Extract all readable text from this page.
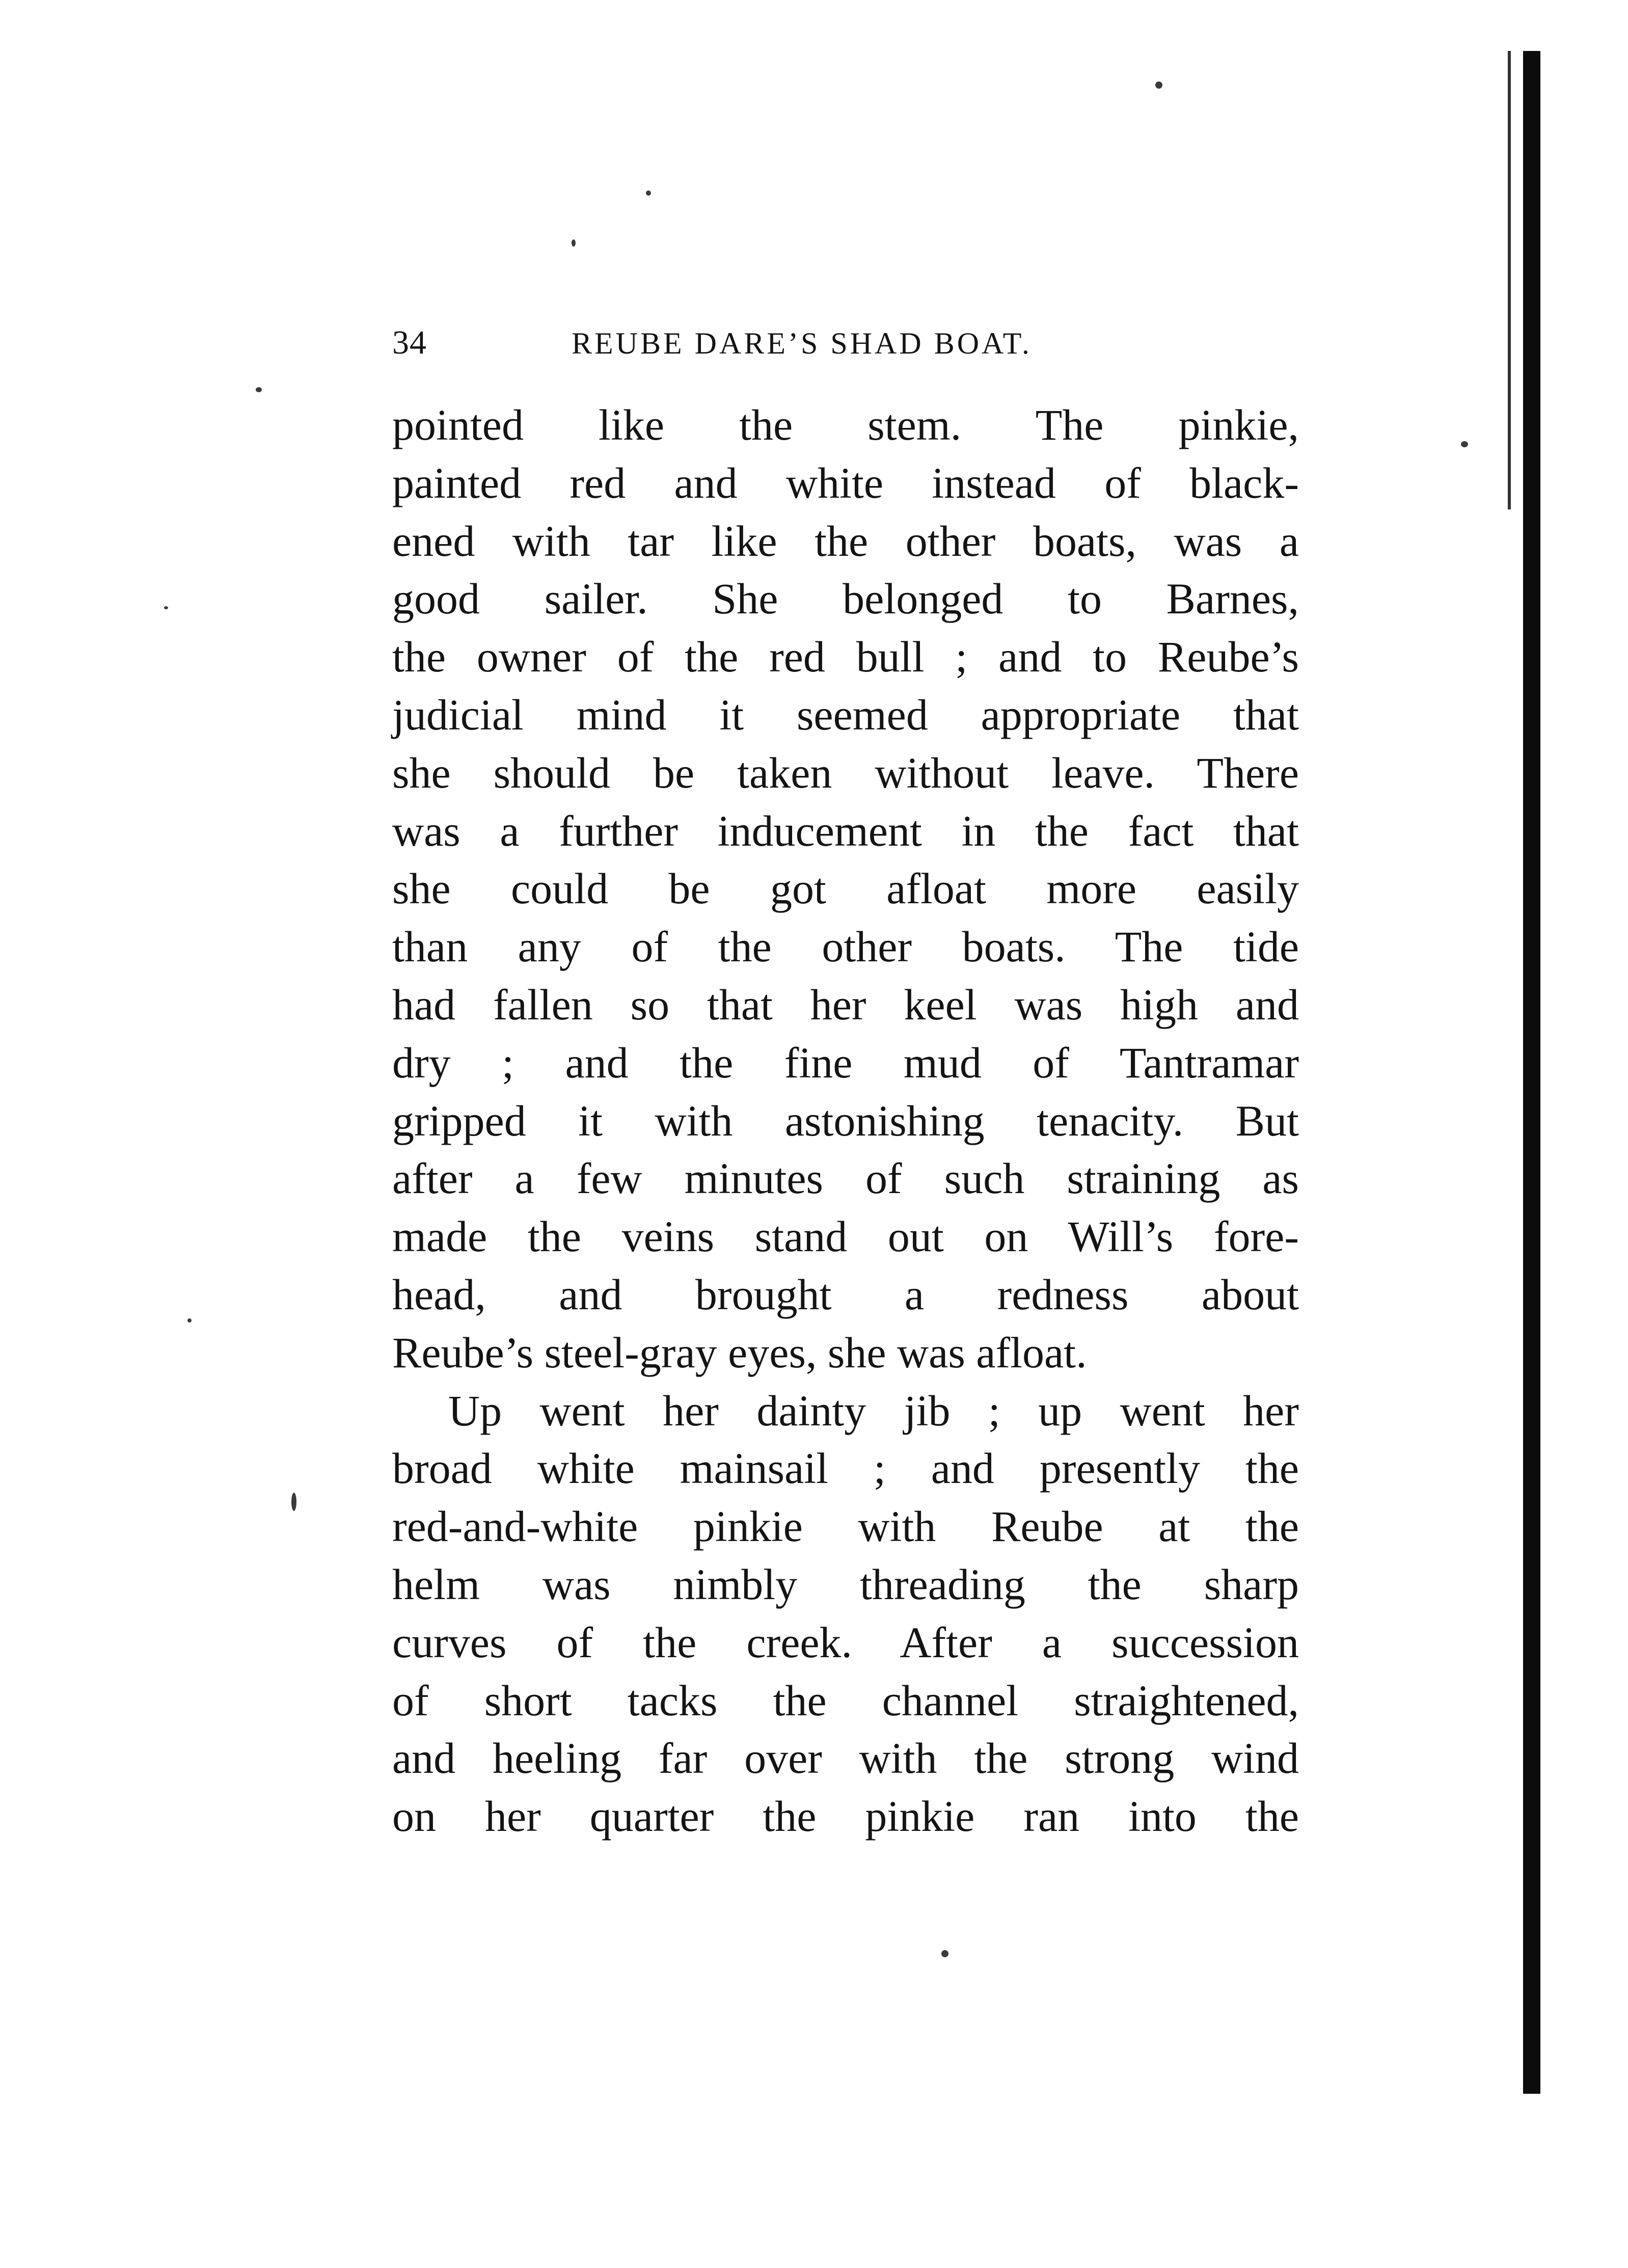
34	REUBE DARE’S SHAD BOAT.
pointed like the stem. The pinkie,
painted red and white instead of black-
ened with tar like the other boats, was a
good sailer. She belonged to Barnes,
the owner of the red bull ; and to Reube’s
judicial mind it seemed appropriate that
she should be taken without leave. There
was a further inducement in the fact that
she could be got afloat more easily
than any of the other boats. The tide
had fallen so that her keel was high and
dry ; and the fine mud of Tantramar
gripped it with astonishing tenacity. But
after a few minutes of such straining as
made the veins stand out on Will’s fore-
head, and brought a redness about
Reube’s steel-gray eyes, she was afloat.
Up went her dainty jib ; up went her
broad white mainsail ; and presently the
red-and-white pinkie with Reube at the
helm was nimbly threading the sharp
curves of the creek. After a succession
of short tacks the channel straightened,
and heeling far over with the strong wind
on her quarter the pinkie ran into the
